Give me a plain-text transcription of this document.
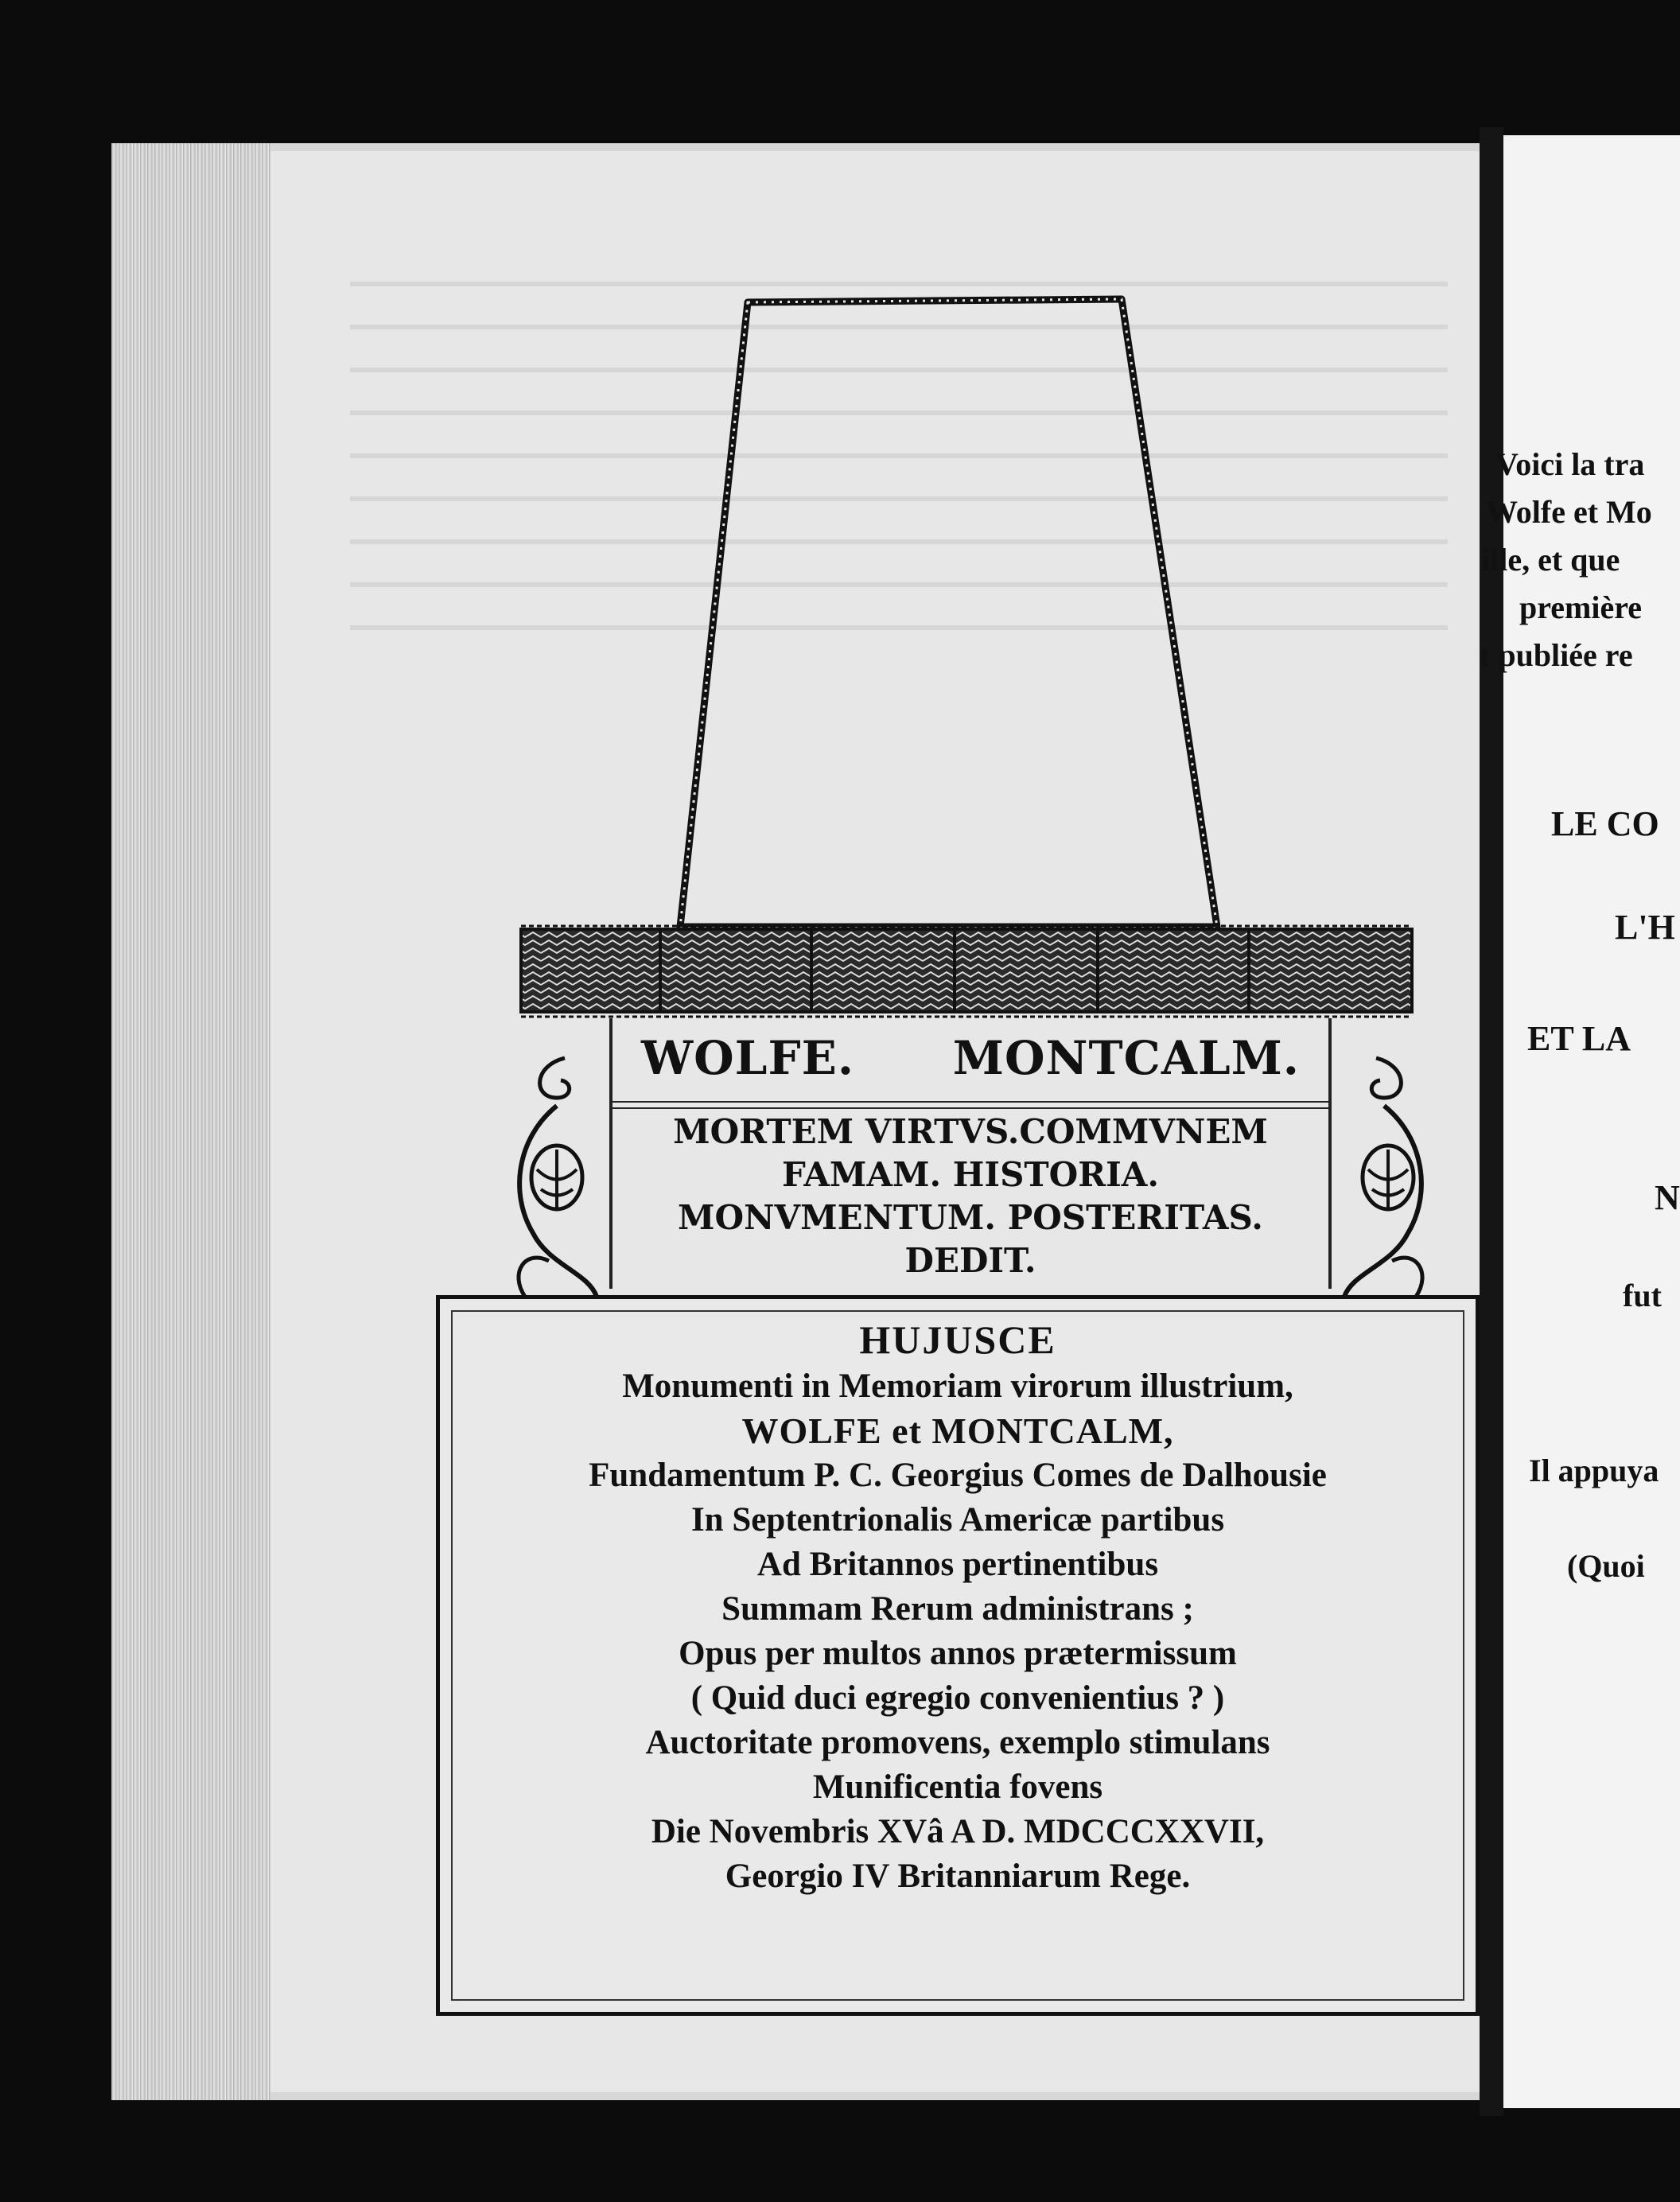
Voici la tra
Wolfe et Mo
ille, et que
première
t publiée re
LE CO
L'H
ET LA
N
fut
Il appuya
(Quoi
WOLFE. MONTCALM.
MORTEM VIRTVS.COMMVNEM
FAMAM. HISTORIA.
MONVMENTUM. POSTERITAS.
DEDIT.
HUJUSCE
Monumenti in Memoriam virorum illustrium,
WOLFE et MONTCALM,
Fundamentum P. C. Georgius Comes de Dalhousie
In Septentrionalis Americæ partibus
Ad Britannos pertinentibus
Summam Rerum administrans ;
Opus per multos annos prætermissum
( Quid duci egregio convenientius ? )
Auctoritate promovens, exemplo stimulans
Munificentia fovens
Die Novembris XVâ A D. MDCCCXXVII,
Georgio IV Britanniarum Rege.
